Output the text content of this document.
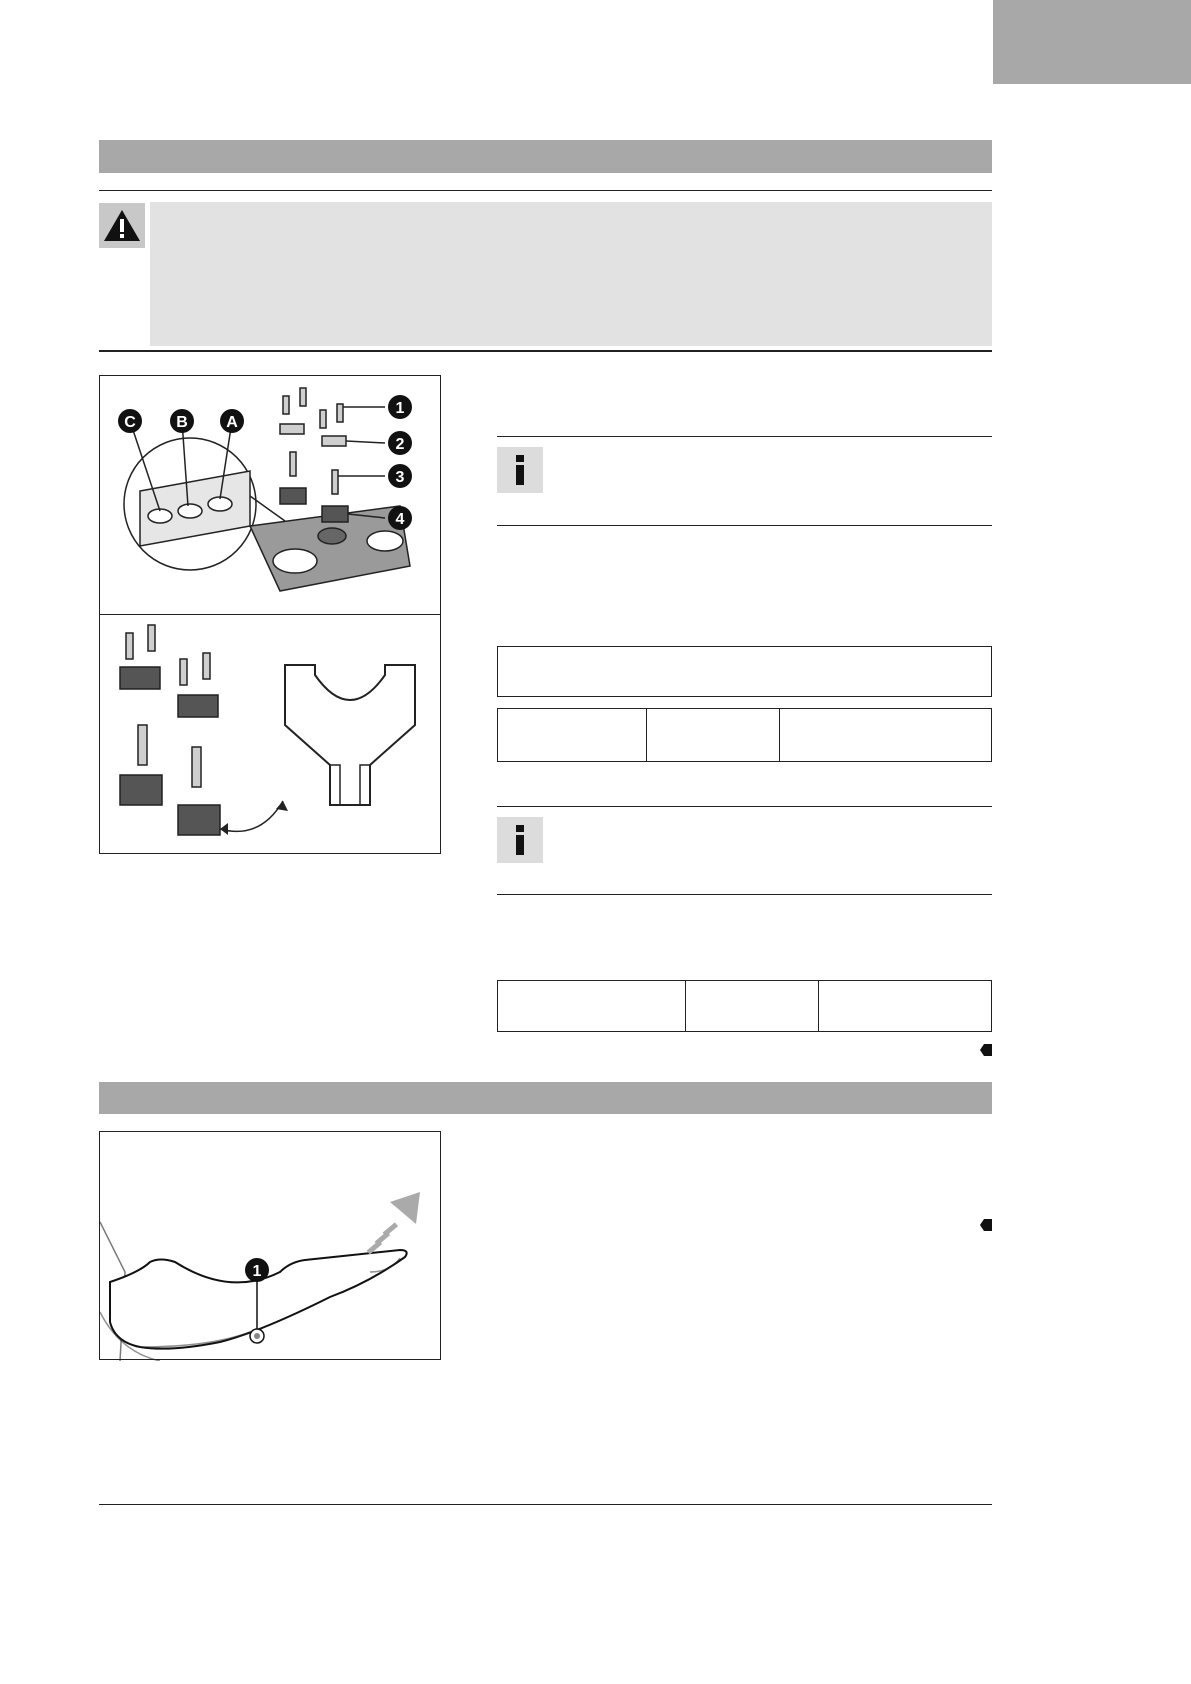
C	B A
1
2
3
4
1
